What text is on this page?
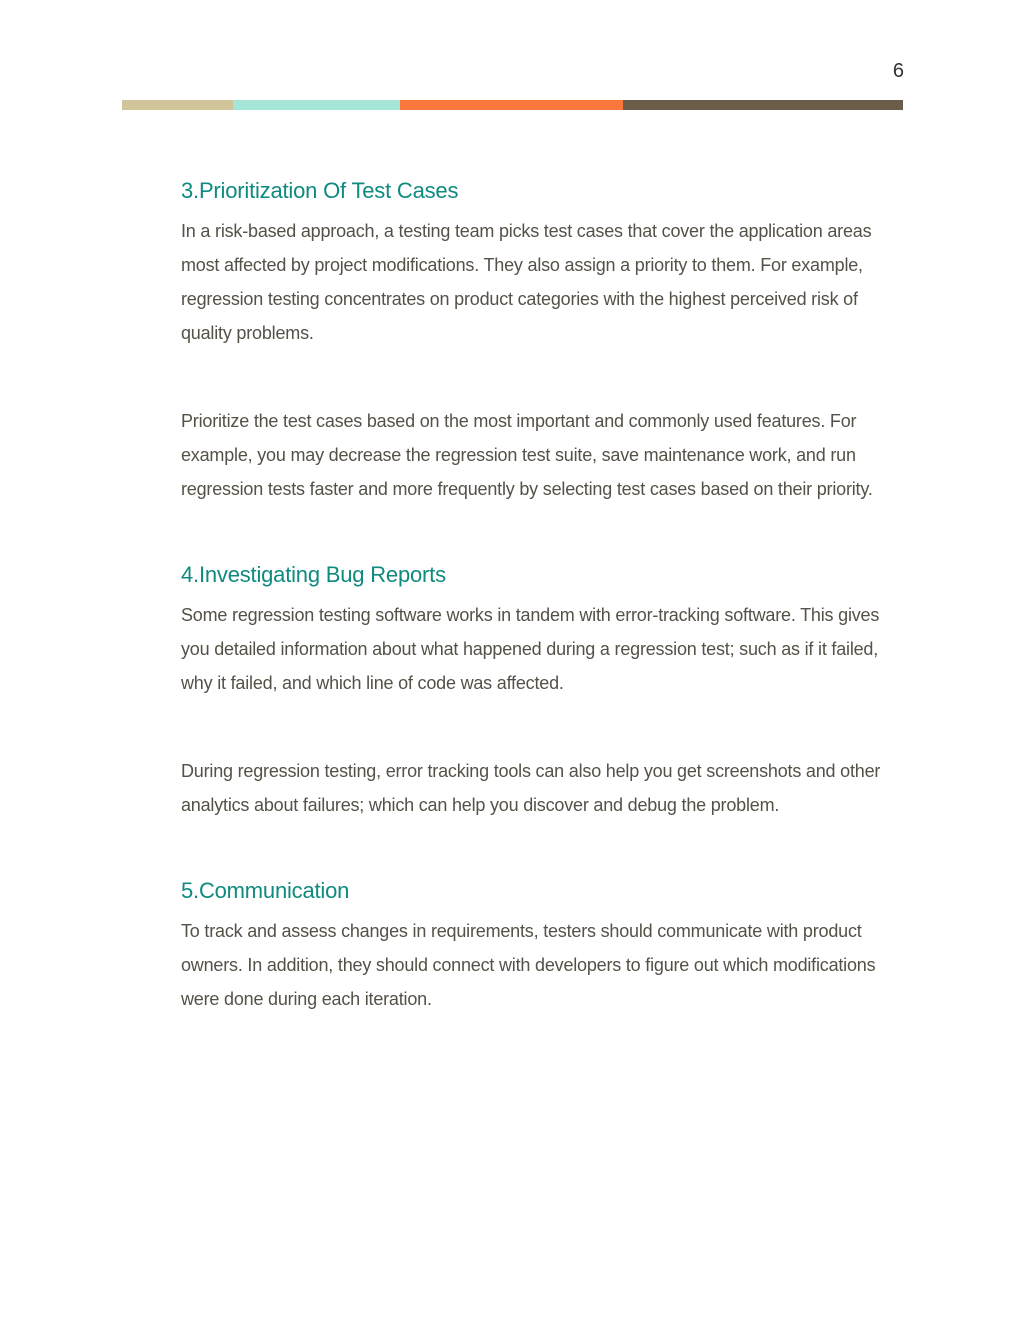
6
3.Prioritization Of Test Cases

In a risk-based approach, a testing team picks test cases that cover the application areas most affected by project modifications. They also assign a priority to them. For example, regression testing concentrates on product categories with the highest perceived risk of quality problems.

Prioritize the test cases based on the most important and commonly used features. For example, you may decrease the regression test suite, save maintenance work, and run regression tests faster and more frequently by selecting test cases based on their priority.

4.Investigating Bug Reports

Some regression testing software works in tandem with error-tracking software. This gives you detailed information about what happened during a regression test; such as if it failed, why it failed, and which line of code was affected.

During regression testing, error tracking tools can also help you get screenshots and other analytics about failures; which can help you discover and debug the problem.

5.Communication

To track and assess changes in requirements, testers should communicate with product owners. In addition, they should connect with developers to figure out which modifications were done during each iteration.
